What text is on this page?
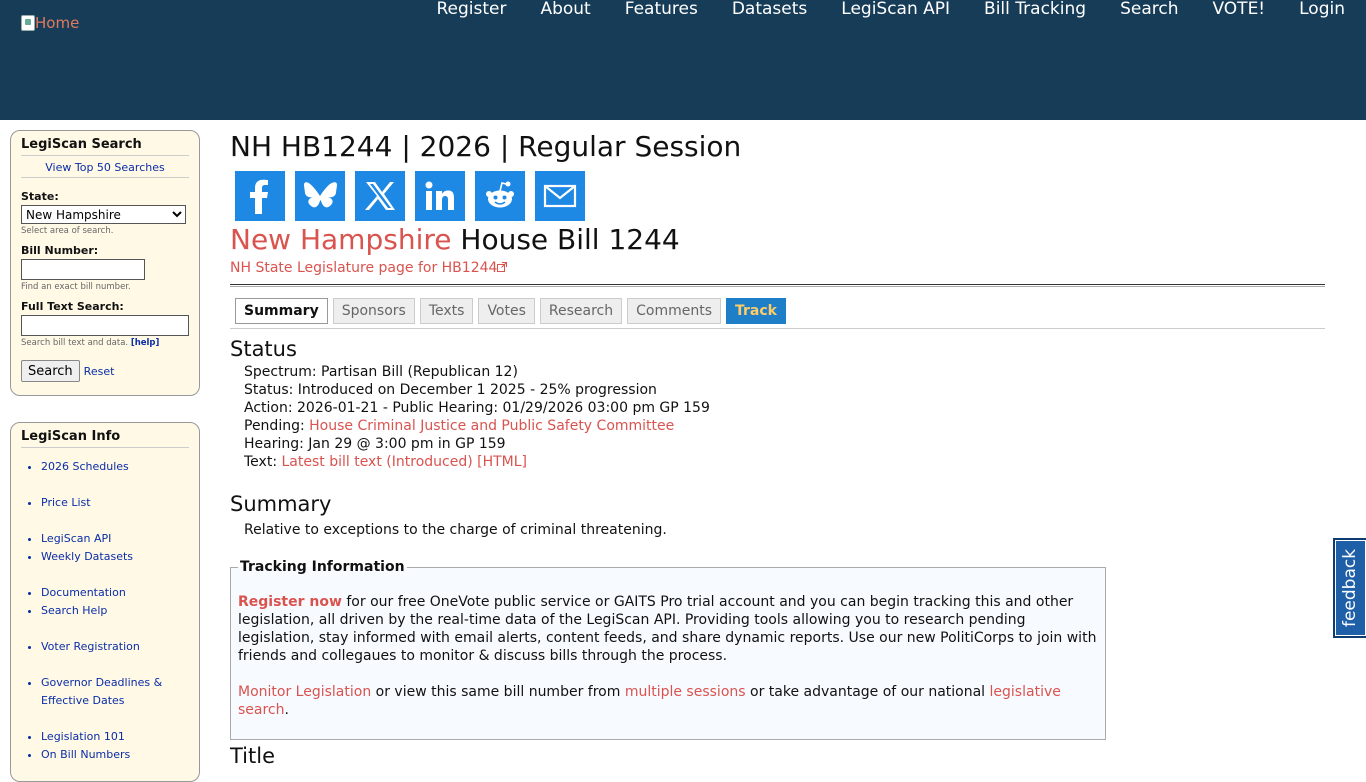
Home
Register	About	Features	Datasets	LegiScan API	Bill Tracking	Search	VOTE!	Login
LegiScan Search
View Top 50 Searches
State:
New Hampshire
Select area of search.
Bill Number:
Find an exact bill number.
Full Text Search:
Search bill text and data. [help]
Search	Reset
LegiScan Info
• 2026 Schedules
• Price List
• LegiScan API
• Weekly Datasets
• Documentation
• Search Help
• Voter Registration
• Governor Deadlines & Effective Dates
• Legislation 101
• On Bill Numbers
NH HB1244 | 2026 | Regular Session
New Hampshire House Bill 1244
NH State Legislature page for HB1244
Summary	Sponsors	Texts	Votes	Research	Comments	Track
Status
Spectrum: Partisan Bill (Republican 12)
Status: Introduced on December 1 2025 - 25% progression
Action: 2026-01-21 - Public Hearing: 01/29/2026 03:00 pm GP 159
Pending: House Criminal Justice and Public Safety Committee
Hearing: Jan 29 @ 3:00 pm in GP 159
Text: Latest bill text (Introduced) [HTML]
Summary
Relative to exceptions to the charge of criminal threatening.
Tracking Information

Register now for our free OneVote public service or GAITS Pro trial account and you can begin tracking this and other legislation, all driven by the real-time data of the LegiScan API. Providing tools allowing you to research pending legislation, stay informed with email alerts, content feeds, and share dynamic reports. Use our new PolitiCorps to join with friends and collegaues to monitor & discuss bills through the process.

Monitor Legislation or view this same bill number from multiple sessions or take advantage of our national legislative search.

Title
feedback
